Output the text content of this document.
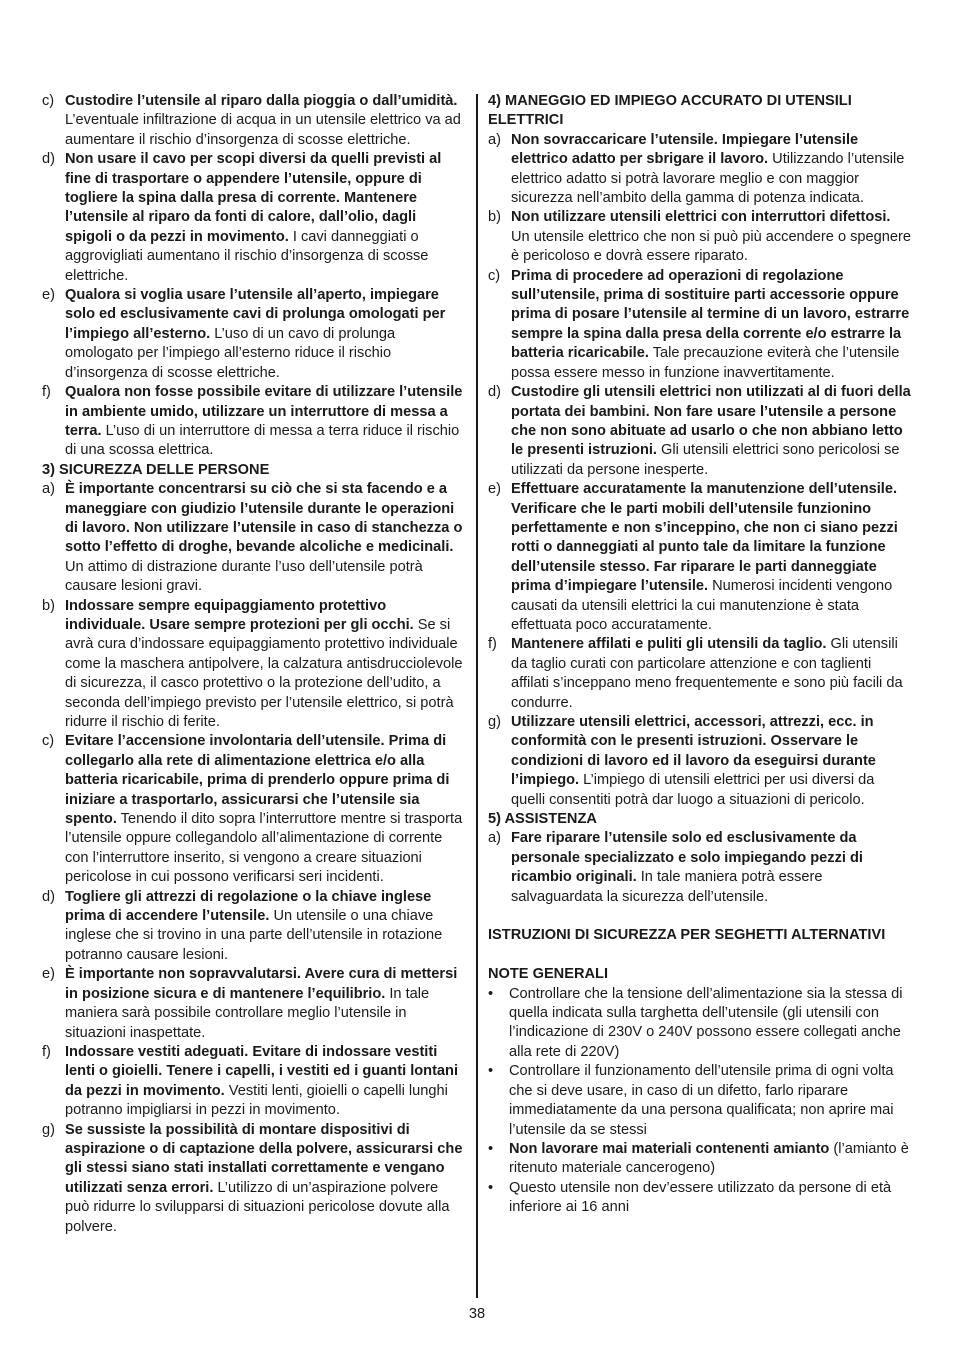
c) Custodire l’utensile al riparo dalla pioggia o dall’umidità. L’eventuale infiltrazione di acqua in un utensile elettrico va ad aumentare il rischio d’insorgenza di scosse elettriche.

d) Non usare il cavo per scopi diversi da quelli previsti al fine di trasportare o appendere l’utensile, oppure di togliere la spina dalla presa di corrente. Mantenere l’utensile al riparo da fonti di calore, dall’olio, dagli spigoli o da pezzi in movimento. I cavi danneggiati o aggrovigliati aumentano il rischio d’insorgenza di scosse elettriche.

e) Qualora si voglia usare l’utensile all’aperto, impiegare solo ed esclusivamente cavi di prolunga omologati per l’impiego all’esterno. L’uso di un cavo di prolunga omologato per l’impiego all’esterno riduce il rischio d’insorgenza di scosse elettriche.

f) Qualora non fosse possibile evitare di utilizzare l’utensile in ambiente umido, utilizzare un interruttore di messa a terra. L’uso di un interruttore di messa a terra riduce il rischio di una scossa elettrica.

3) SICUREZZA DELLE PERSONE

a) È importante concentrarsi su ciò che si sta facendo e a maneggiare con giudizio l’utensile durante le operazioni di lavoro. Non utilizzare l’utensile in caso di stanchezza o sotto l’effetto di droghe, bevande alcoliche e medicinali. Un attimo di distrazione durante l’uso dell’utensile potrà causare lesioni gravi.

b) Indossare sempre equipaggiamento protettivo individuale. Usare sempre protezioni per gli occhi. Se si avrà cura d’indossare equipaggiamento protettivo individuale come la maschera antipolvere, la calzatura antisdrucciolevole di sicurezza, il casco protettivo o la protezione dell’udito, a seconda dell’impiego previsto per l’utensile elettrico, si potrà ridurre il rischio di ferite.

c) Evitare l’accensione involontaria dell’utensile. Prima di collegarlo alla rete di alimentazione elettrica e/o alla batteria ricaricabile, prima di prenderlo oppure prima di iniziare a trasportarlo, assicurarsi che l’utensile sia spento. Tenendo il dito sopra l’interruttore mentre si trasporta l’utensile oppure collegandolo all’alimentazione di corrente con l’interruttore inserito, si vengono a creare situazioni pericolose in cui possono verificarsi seri incidenti.

d) Togliere gli attrezzi di regolazione o la chiave inglese prima di accendere l’utensile. Un utensile o una chiave inglese che si trovino in una parte dell’utensile in rotazione potranno causare lesioni.

e) È importante non sopravvalutarsi. Avere cura di mettersi in posizione sicura e di mantenere l’equilibrio. In tale maniera sarà possibile controllare meglio l’utensile in situazioni inaspettate.

f) Indossare vestiti adeguati. Evitare di indossare vestiti lenti o gioielli. Tenere i capelli, i vestiti ed i guanti lontani da pezzi in movimento. Vestiti lenti, gioielli o capelli lunghi potranno impigliarsi in pezzi in movimento.

g) Se sussiste la possibilità di montare dispositivi di aspirazione o di captazione della polvere, assicurarsi che gli stessi siano stati installati correttamente e vengano utilizzati senza errori. L’utilizzo di un’aspirazione polvere può ridurre lo svilupparsi di situazioni pericolose dovute alla polvere.

4) MANEGGIO ED IMPIEGO ACCURATO DI UTENSILI ELETTRICI

a) Non sovraccaricare l’utensile. Impiegare l’utensile elettrico adatto per sbrigare il lavoro. Utilizzando l’utensile elettrico adatto si potrà lavorare meglio e con maggior sicurezza nell’ambito della gamma di potenza indicata.

b) Non utilizzare utensili elettrici con interruttori difettosi. Un utensile elettrico che non si può più accendere o spegnere è pericoloso e dovrà essere riparato.

c) Prima di procedere ad operazioni di regolazione sull’utensile, prima di sostituire parti accessorie oppure prima di posare l’utensile al termine di un lavoro, estrarre sempre la spina dalla presa della corrente e/o estrarre la batteria ricaricabile. Tale precauzione eviterà che l’utensile possa essere messo in funzione inavvertitamente.

d) Custodire gli utensili elettrici non utilizzati al di fuori della portata dei bambini. Non fare usare l’utensile a persone che non sono abituate ad usarlo o che non abbiano letto le presenti istruzioni. Gli utensili elettrici sono pericolosi se utilizzati da persone inesperte.

e) Effettuare accuratamente la manutenzione dell’utensile. Verificare che le parti mobili dell’utensile funzionino perfettamente e non s’inceppino, che non ci siano pezzi rotti o danneggiati al punto tale da limitare la funzione dell’utensile stesso. Far riparare le parti danneggiate prima d’impiegare l’utensile. Numerosi incidenti vengono causati da utensili elettrici la cui manutenzione è stata effettuata poco accuratamente.

f) Mantenere affilati e puliti gli utensili da taglio. Gli utensili da taglio curati con particolare attenzione e con taglienti affilati s’inceppano meno frequentemente e sono più facili da condurre.

g) Utilizzare utensili elettrici, accessori, attrezzi, ecc. in conformità con le presenti istruzioni. Osservare le condizioni di lavoro ed il lavoro da eseguirsi durante l’impiego. L’impiego di utensili elettrici per usi diversi da quelli consentiti potrà dar luogo a situazioni di pericolo.

5) ASSISTENZA

a) Fare riparare l’utensile solo ed esclusivamente da personale specializzato e solo impiegando pezzi di ricambio originali. In tale maniera potrà essere salvaguardata la sicurezza dell’utensile.

ISTRUZIONI DI SICUREZZA PER SEGHETTI ALTERNATIVI

NOTE GENERALI

• Controllare che la tensione dell’alimentazione sia la stessa di quella indicata sulla targhetta dell’utensile (gli utensili con l’indicazione di 230V o 240V possono essere collegati anche alla rete di 220V)

• Controllare il funzionamento dell’utensile prima di ogni volta che si deve usare, in caso di un difetto, farlo riparare immediatamente da una persona qualificata; non aprire mai l’utensile da se stessi

• Non lavorare mai materiali contenenti amianto (l’amianto è ritenuto materiale cancerogeno)

• Questo utensile non dev’essere utilizzato da persone di età inferiore ai 16 anni

38
